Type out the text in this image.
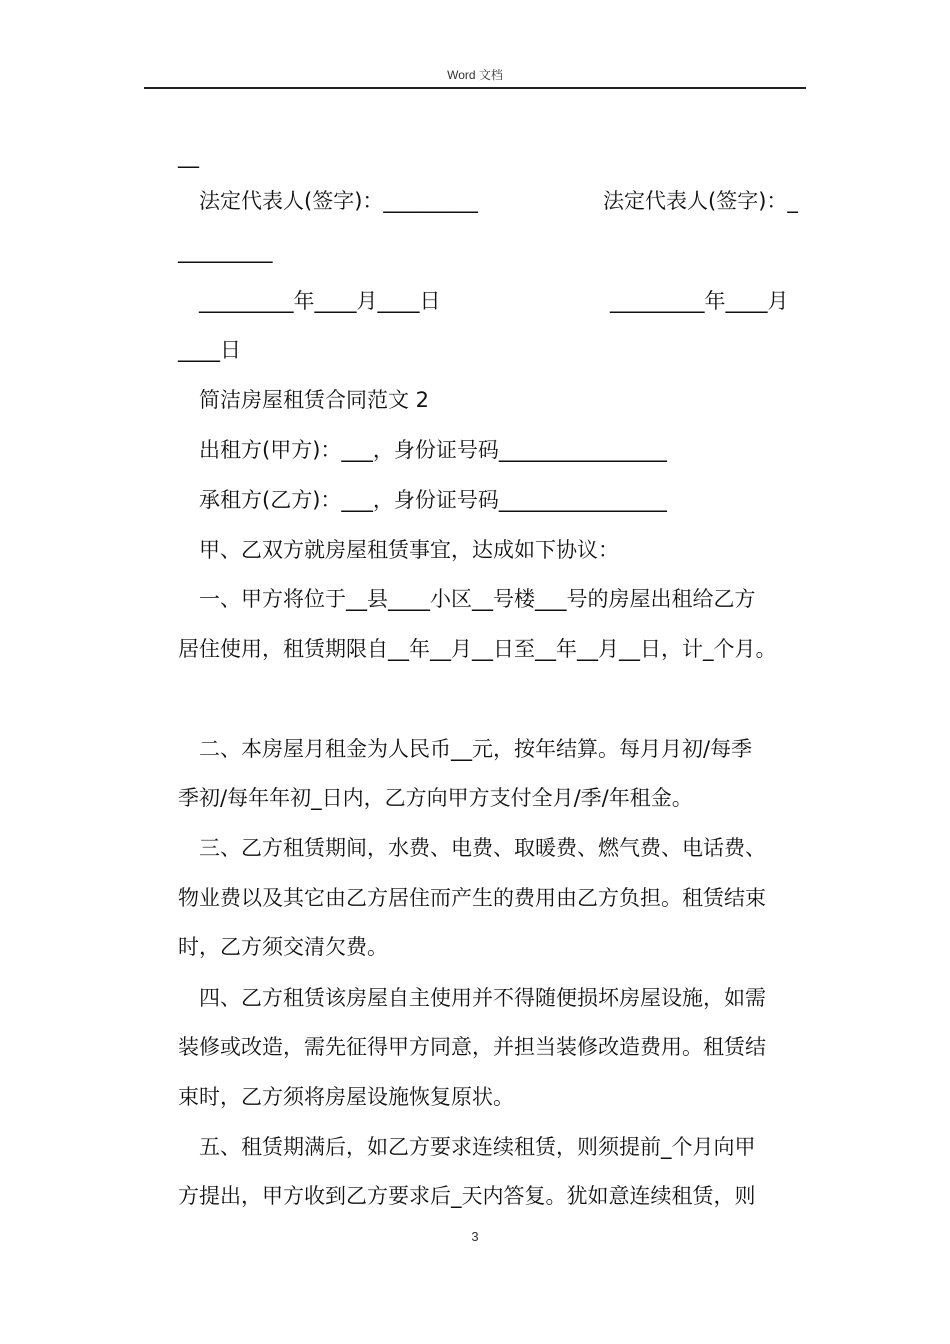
Word 文档
__
法定代表人(签字)：_________	法定代表人(签字)：_
_________
_________年____月____日	_________年____月
____日
简洁房屋租赁合同范文 2
出租方(甲方)：___，身份证号码________________
承租方(乙方)：___，身份证号码________________
甲、乙双方就房屋租赁事宜，达成如下协议：
一、甲方将位于__县____小区__号楼___号的房屋出租给乙方
居住使用，租赁期限自__年__月__日至__年__月__日，计_个月。
二、本房屋月租金为人民币__元，按年结算。每月月初/每季
季初/每年年初_日内，乙方向甲方支付全月/季/年租金。
三、乙方租赁期间，水费、电费、取暖费、燃气费、电话费、
物业费以及其它由乙方居住而产生的费用由乙方负担。租赁结束
时，乙方须交清欠费。
四、乙方租赁该房屋自主使用并不得随便损坏房屋设施，如需
装修或改造，需先征得甲方同意，并担当装修改造费用。租赁结
束时，乙方须将房屋设施恢复原状。
五、租赁期满后，如乙方要求连续租赁，则须提前_个月向甲
方提出，甲方收到乙方要求后_天内答复。犹如意连续租赁，则
3
